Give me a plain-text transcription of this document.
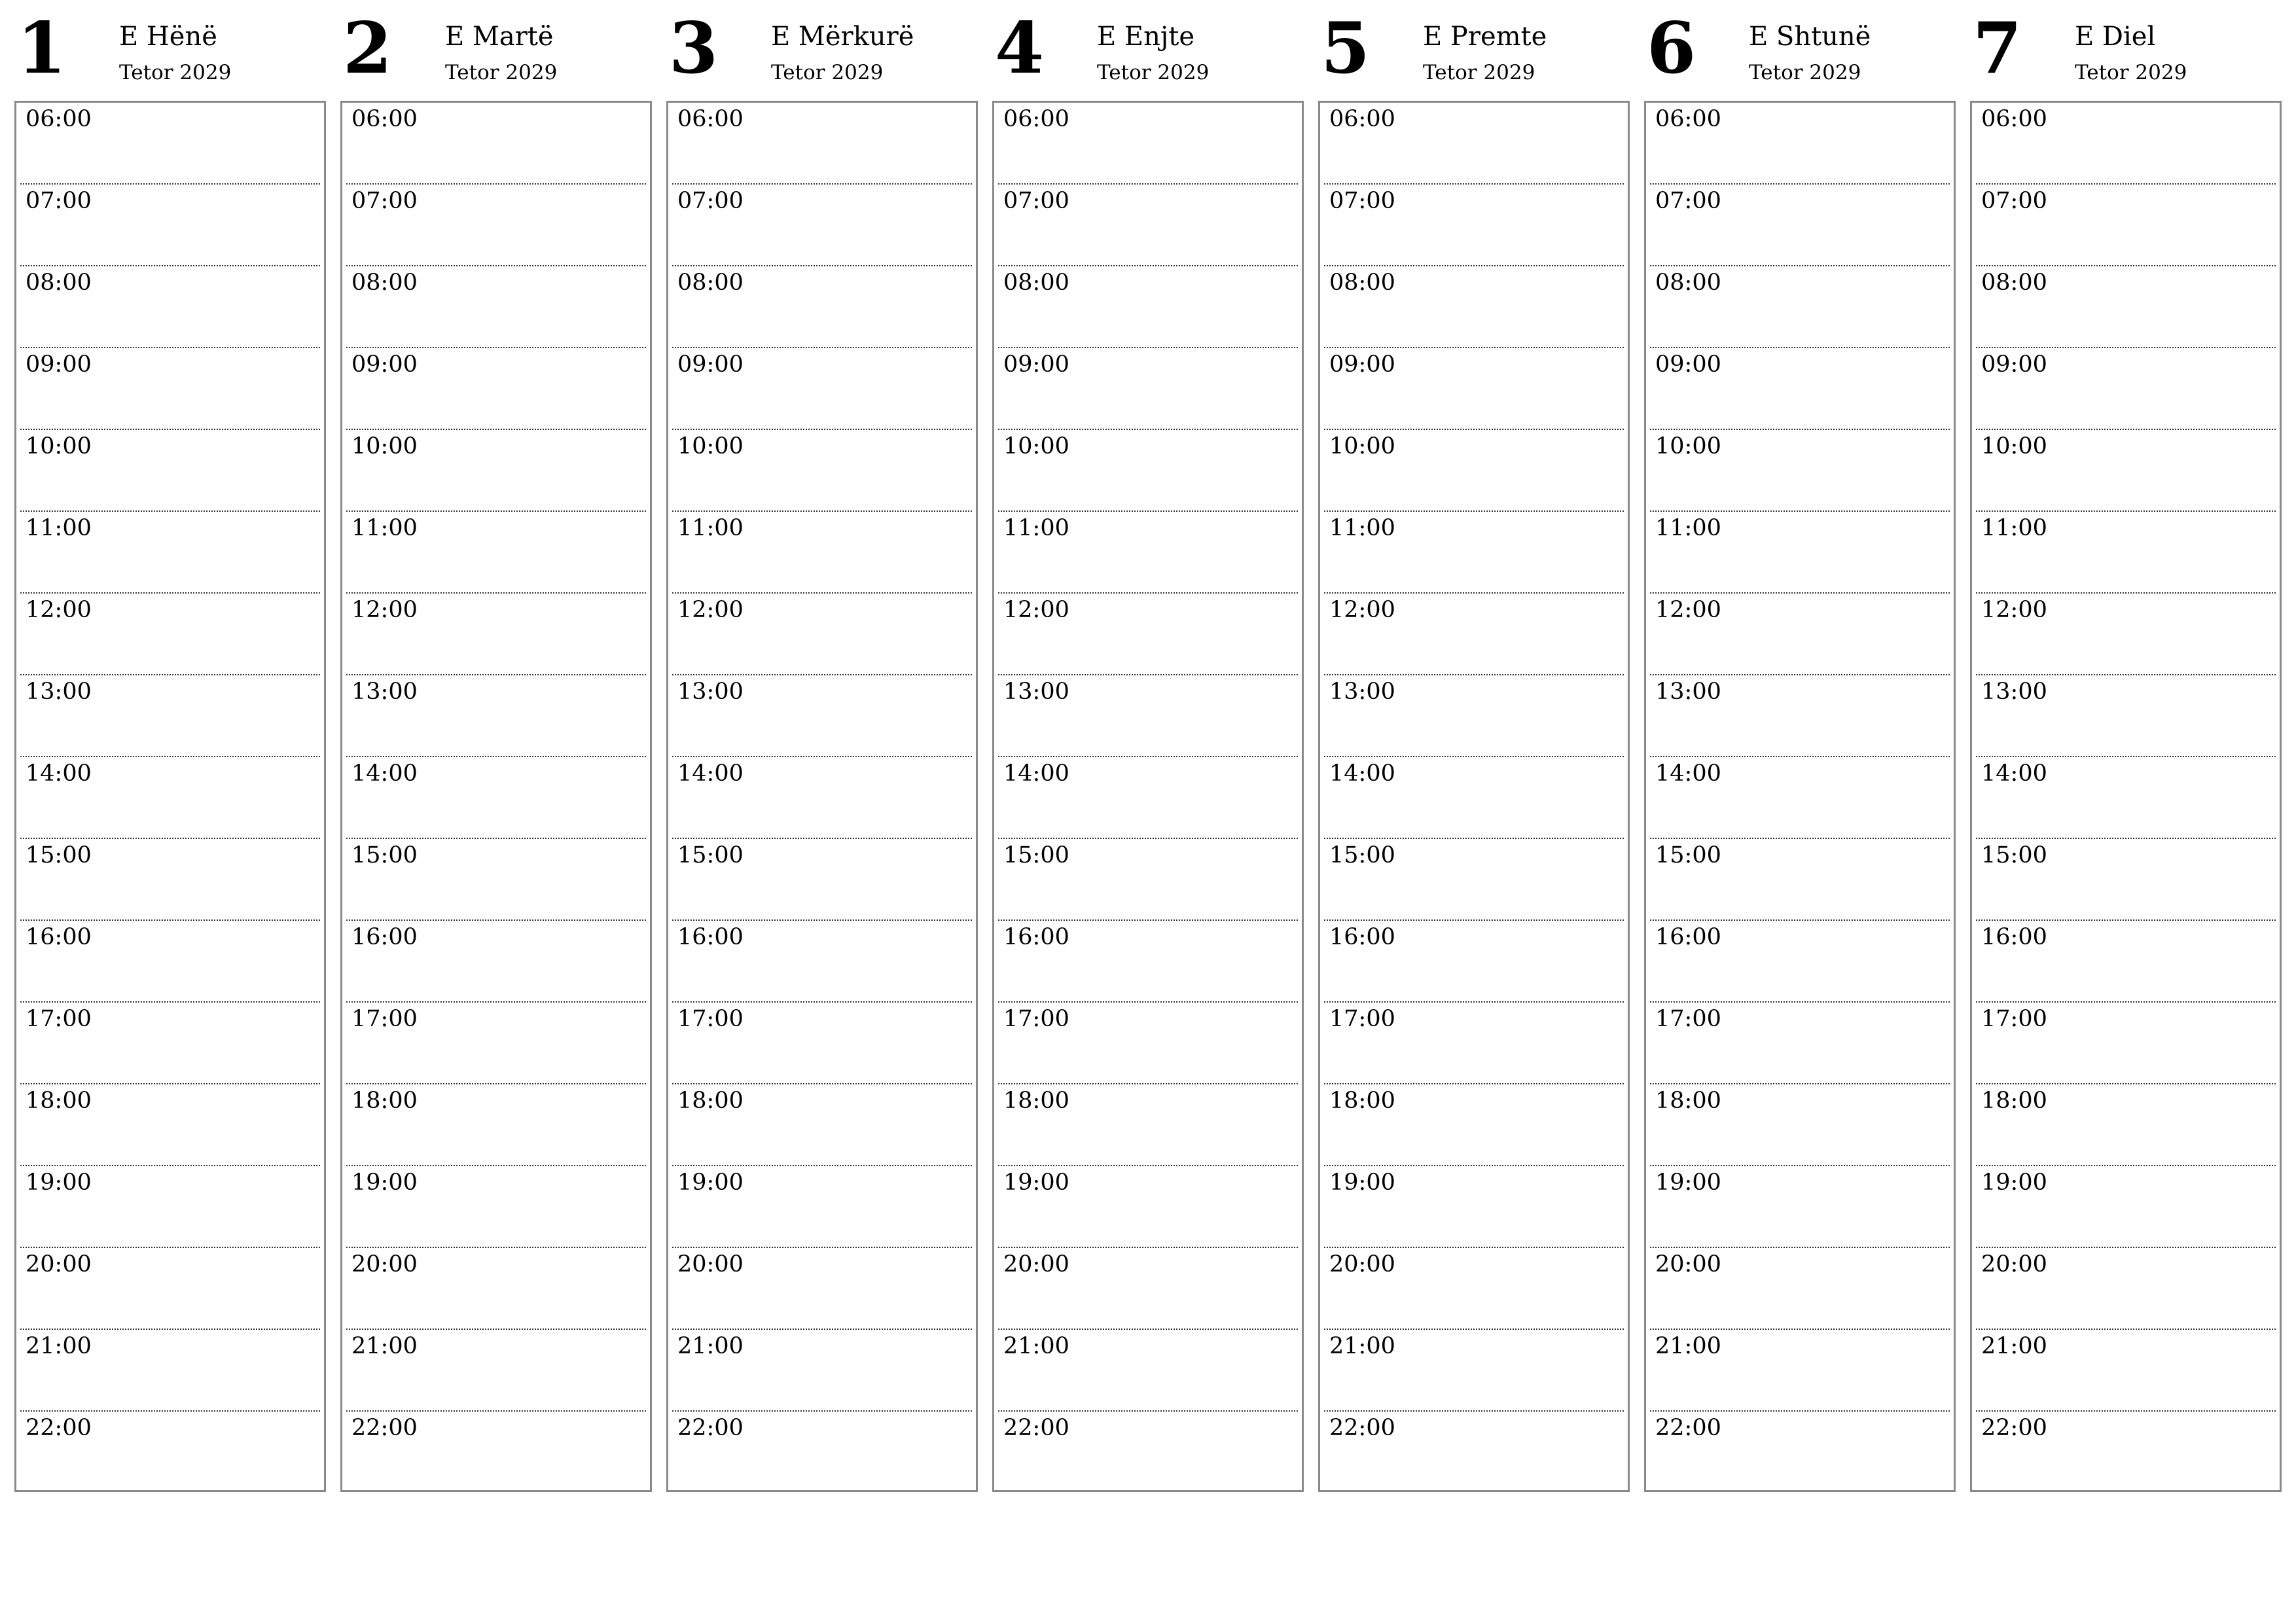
1 E Hënë
Tetor 2029
06:00
07:00
08:00
09:00
10:00
11:00
12:00
13:00
14:00
15:00
16:00
17:00
18:00
19:00
20:00
21:00
22:00
2 E Martë
Tetor 2029
06:00
07:00
08:00
09:00
10:00
11:00
12:00
13:00
14:00
15:00
16:00
17:00
18:00
19:00
20:00
21:00
22:00
3 E Mërkurë
Tetor 2029
06:00
07:00
08:00
09:00
10:00
11:00
12:00
13:00
14:00
15:00
16:00
17:00
18:00
19:00
20:00
21:00
22:00
4 E Enjte
Tetor 2029
06:00
07:00
08:00
09:00
10:00
11:00
12:00
13:00
14:00
15:00
16:00
17:00
18:00
19:00
20:00
21:00
22:00
5 E Premte
Tetor 2029
06:00
07:00
08:00
09:00
10:00
11:00
12:00
13:00
14:00
15:00
16:00
17:00
18:00
19:00
20:00
21:00
22:00
6 E Shtunë
Tetor 2029
06:00
07:00
08:00
09:00
10:00
11:00
12:00
13:00
14:00
15:00
16:00
17:00
18:00
19:00
20:00
21:00
22:00
7 E Diel
Tetor 2029
06:00
07:00
08:00
09:00
10:00
11:00
12:00
13:00
14:00
15:00
16:00
17:00
18:00
19:00
20:00
21:00
22:00
